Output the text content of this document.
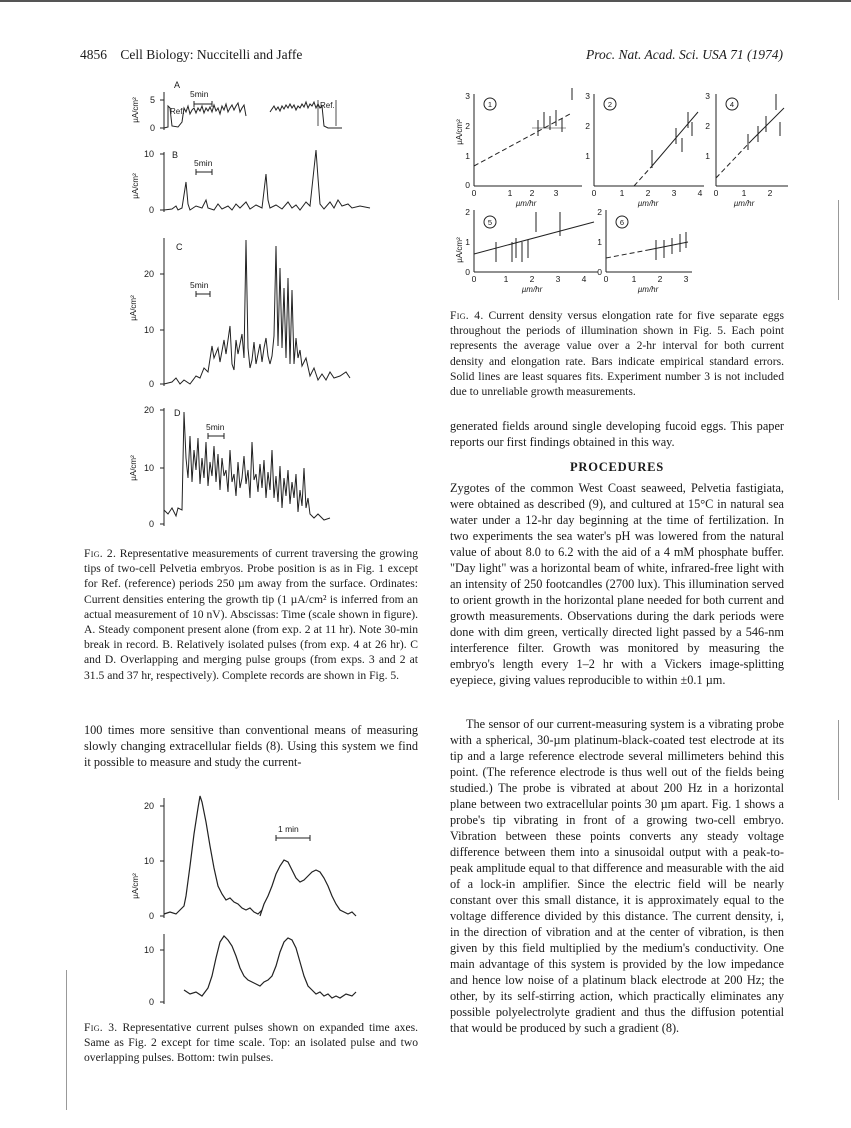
4856 Cell Biology: Nuccitelli and Jaffe	Proc. Nat. Acad. Sci. USA 71 (1974)
A
µA/cm² 5
0
5min
Ref.
Ref.
B
µA/cm²
10
0
5min
C
µA/cm²
20
10
0
5min
D
µA/cm²
20
10
0
5min
Fig. 2. Representative measurements of current traversing the growing tips of two-cell Pelvetia embryos. Probe position is as in Fig. 1 except for Ref. (reference) periods 250 µm away from the surface. Ordinates: Current densities entering the growth tip (1 µA/cm² is inferred from an actual measurement of 10 nV). Abscissas: Time (scale shown in figure). A. Steady component present alone (from exp. 2 at 11 hr). Note 30-min break in record. B. Relatively isolated pulses (from exp. 4 at 26 hr). C and D. Overlapping and merging pulse groups (from exps. 3 and 2 at 31.5 and 37 hr, respectively). Complete records are shown in Fig. 5.
100 times more sensitive than conventional means of measuring slowly changing extracellular fields (8). Using this system we find it possible to measure and study the current-
µA/cm²
20
10
0
1 min
10
0
Fig. 3. Representative current pulses shown on expanded time axes. Same as Fig. 2 except for time scale. Top: an isolated pulse and two overlapping pulses. Bottom: twin pulses.
µA/cm²
µA/cm²
3
2
1
0
0	1 2 3
µm/hr
1
3
2
1
0	1	2	3	4
µm/hr
2
3
2
1
0	1	2
µm/hr
4
2
1
0
0	1	2	3	4
µm/hr
5
2
1
0
0	1	2	3
µm/hr
6
Fig. 4. Current density versus elongation rate for five separate eggs throughout the periods of illumination shown in Fig. 5. Each point represents the average value over a 2-hr interval for both current density and elongation rate. Bars indicate empirical standard errors. Solid lines are least squares fits. Experiment number 3 is not included due to unreliable growth measurements.
generated fields around single developing fucoid eggs. This paper reports our first findings obtained in this way.
PROCEDURES
Zygotes of the common West Coast seaweed, Pelvetia fastigiata, were obtained as described (9), and cultured at 15°C in natural sea water under a 12-hr day beginning at the time of fertilization. In two experiments the sea water's pH was lowered from the natural value of about 8.0 to 6.2 with the aid of a 4 mM phosphate buffer. "Day light" was a horizontal beam of white, infrared-free light with an intensity of 250 footcandles (2700 lux). This illumination served to orient growth in the horizontal plane needed for both current and growth measurements. Observations during the dark periods were done with dim green, vertically directed light passed by a 546-nm interference filter. Growth was monitored by measuring the embryo's length every 1–2 hr with a Vickers image-splitting eyepiece, giving values reproducible to within ±0.1 µm.
The sensor of our current-measuring system is a vibrating probe with a spherical, 30-µm platinum-black-coated test electrode at its tip and a large reference electrode several millimeters behind this point. (The reference electrode is thus well out of the fields being studied.) The probe is vibrated at about 200 Hz in a horizontal plane between two extracellular points 30 µm apart. Fig. 1 shows a probe's tip vibrating in front of a growing two-cell embryo. Vibration between these points converts any steady voltage difference between them into a sinusoidal output with a peak-to-peak amplitude equal to that difference and measurable with the aid of a lock-in amplifier. Since the electric field will be nearly constant over this small distance, it is approximately equal to the voltage difference divided by this distance. The current density, i, in the direction of vibration and at the center of vibration, is then given by this field multiplied by the medium's conductivity. One main advantage of this system is provided by the low impedance and hence low noise of a platinum black electrode at 200 Hz; the other, by its self-stirring action, which practically eliminates any possible polyelectrolyte gradient and thus the diffusion potential that would be produced by such a gradient (8).
